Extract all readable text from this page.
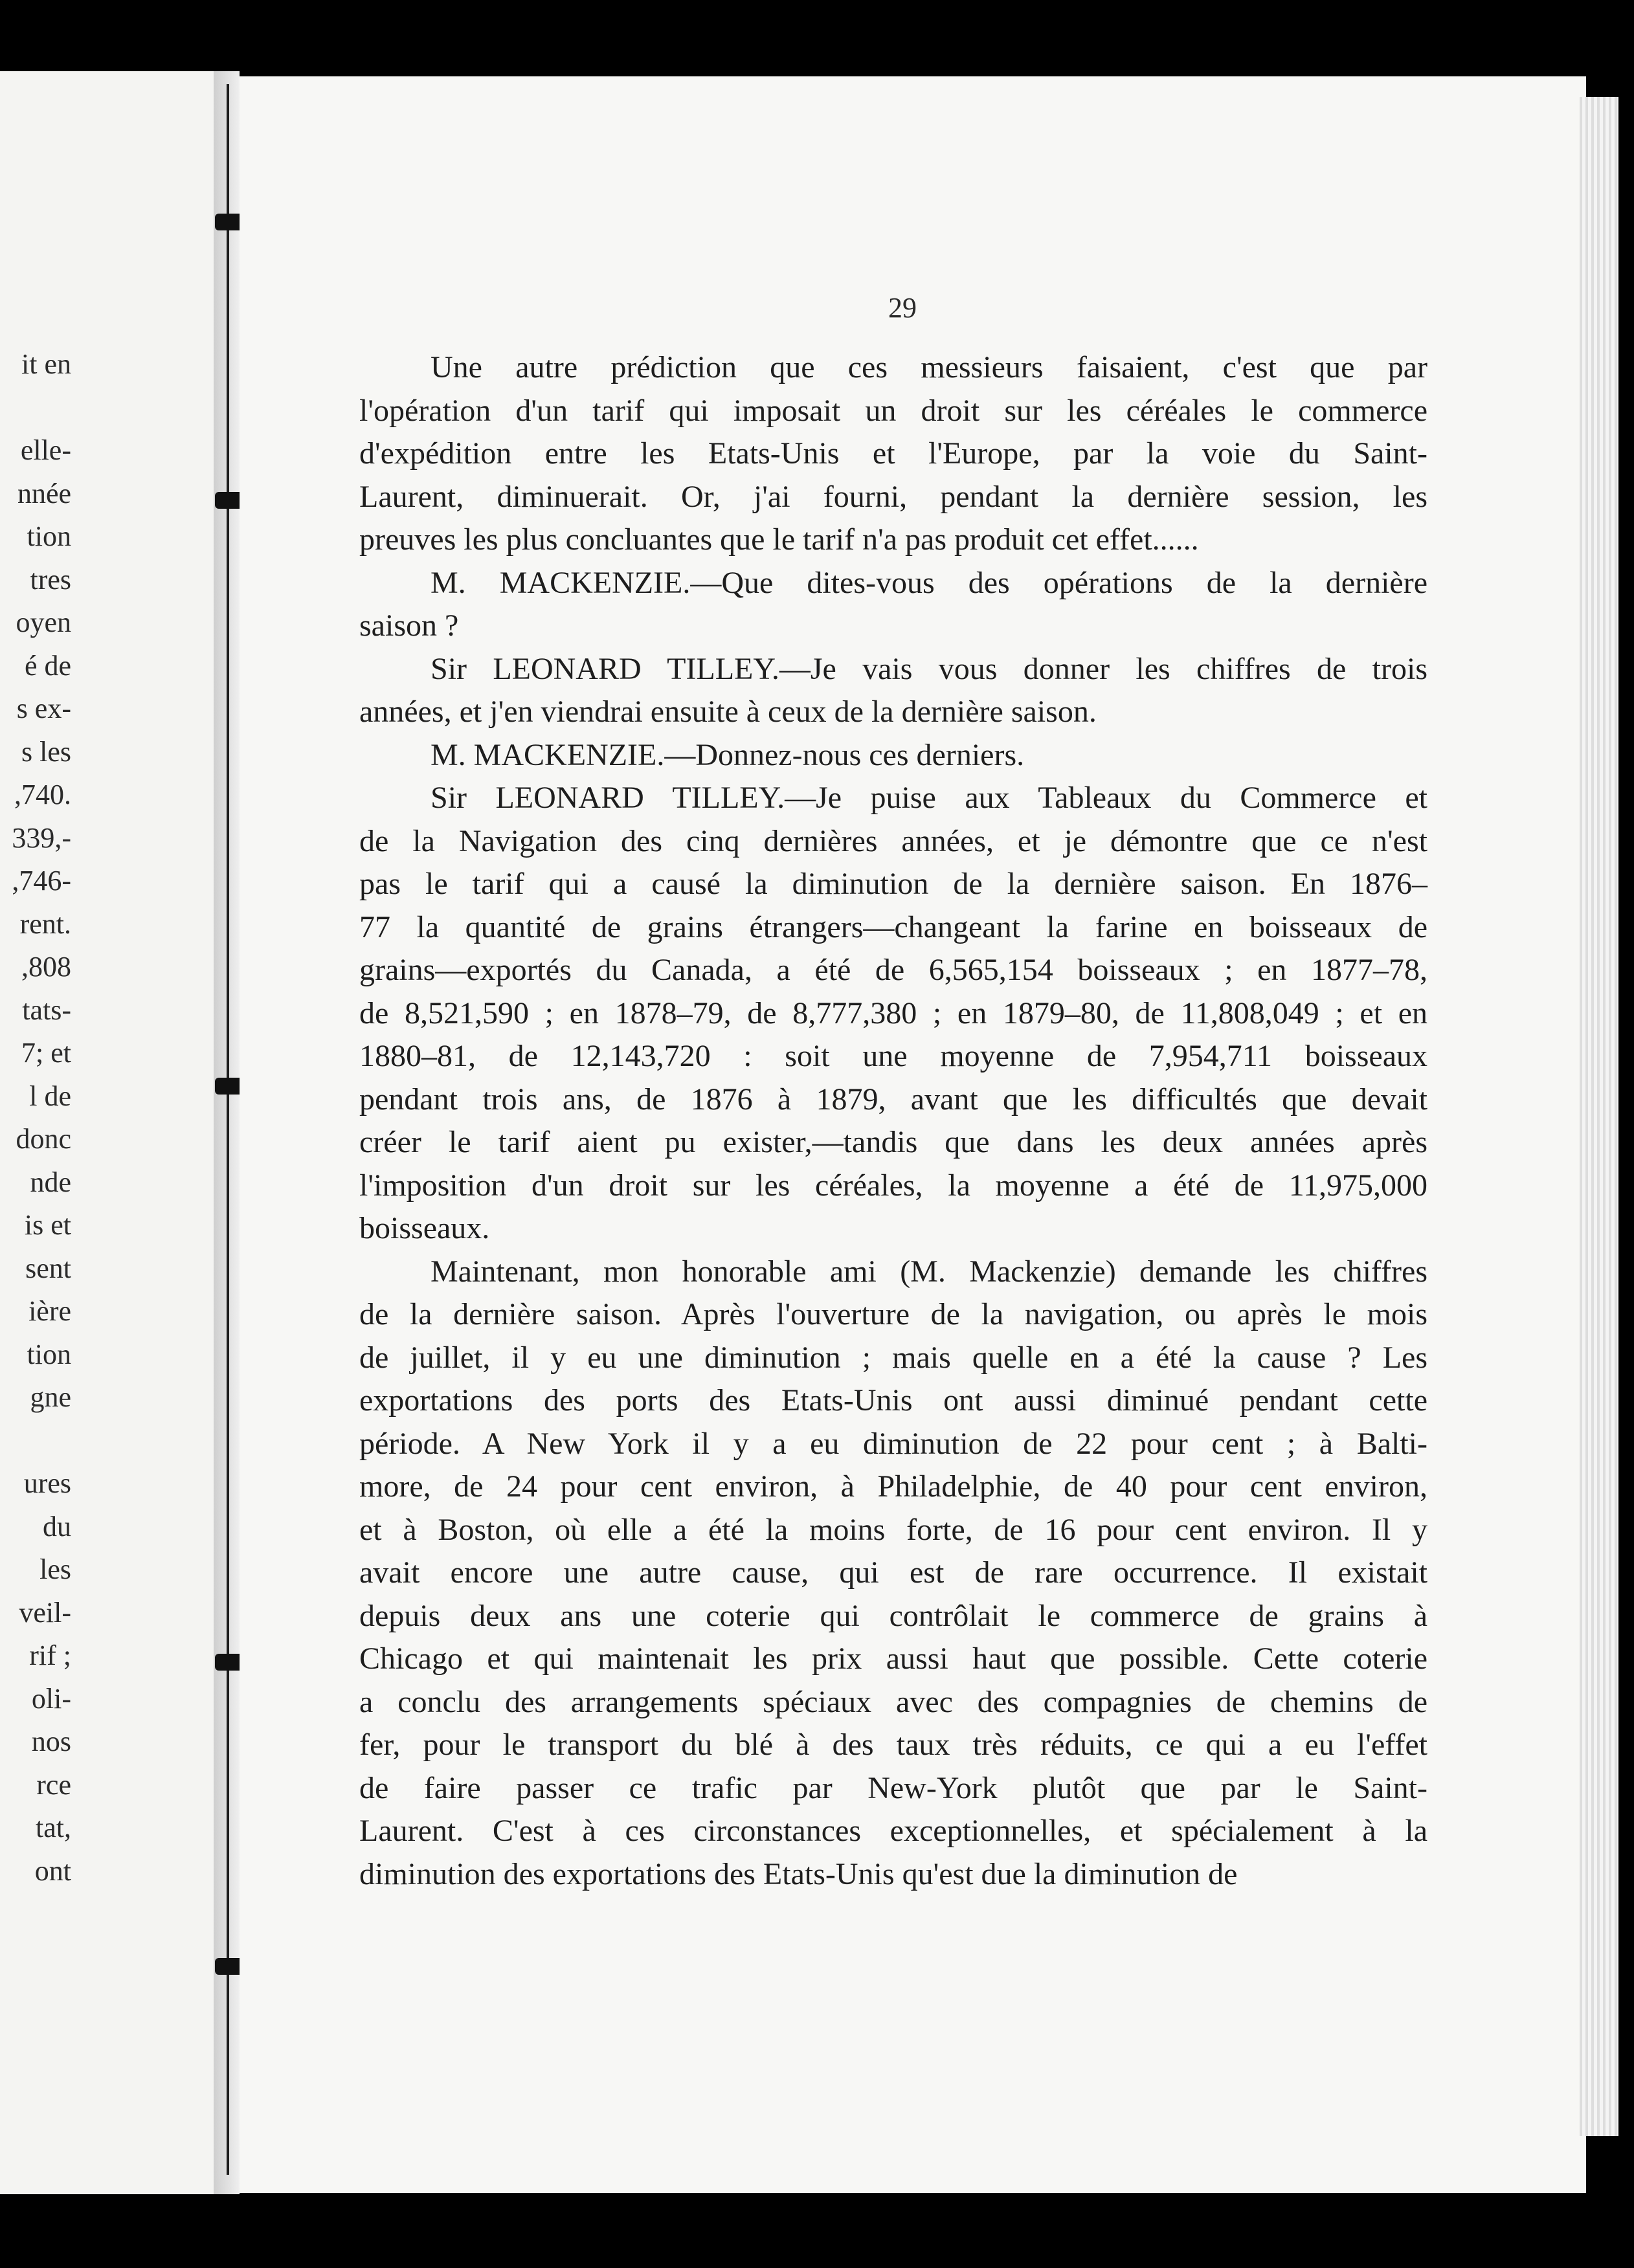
it en
elle-
nnée
tion
tres
oyen
é de
s ex-
s les
,740.
339,-
,746-
rent.
,808
tats-
7; et
l de
donc
nde
is et
sent
ière
tion
gne
ures
du
les
veil-
rif ;
oli-
nos
rce
tat,
ont
29
Une autre prédiction que ces messieurs faisaient, c'est que par
l'opération d'un tarif qui imposait un droit sur les céréales le commerce
d'expédition entre les Etats-Unis et l'Europe, par la voie du Saint-
Laurent, diminuerait. Or, j'ai fourni, pendant la dernière session, les
preuves les plus concluantes que le tarif n'a pas produit cet effet......
M. MACKENZIE.—Que dites-vous des opérations de la dernière
saison ?
Sir LEONARD TILLEY.—Je vais vous donner les chiffres de trois
années, et j'en viendrai ensuite à ceux de la dernière saison.
M. MACKENZIE.—Donnez-nous ces derniers.
Sir LEONARD TILLEY.—Je puise aux Tableaux du Commerce et
de la Navigation des cinq dernières années, et je démontre que ce n'est
pas le tarif qui a causé la diminution de la dernière saison. En 1876–
77 la quantité de grains étrangers—changeant la farine en boisseaux de
grains—exportés du Canada, a été de 6,565,154 boisseaux ; en 1877–78,
de 8,521,590 ; en 1878–79, de 8,777,380 ; en 1879–80, de 11,808,049 ; et en
1880–81, de 12,143,720 : soit une moyenne de 7,954,711 boisseaux
pendant trois ans, de 1876 à 1879, avant que les difficultés que devait
créer le tarif aient pu exister,—tandis que dans les deux années après
l'imposition d'un droit sur les céréales, la moyenne a été de 11,975,000
boisseaux.
Maintenant, mon honorable ami (M. Mackenzie) demande les chiffres
de la dernière saison. Après l'ouverture de la navigation, ou après le mois
de juillet, il y eu une diminution ; mais quelle en a été la cause ? Les
exportations des ports des Etats-Unis ont aussi diminué pendant cette
période. A New York il y a eu diminution de 22 pour cent ; à Balti-
more, de 24 pour cent environ, à Philadelphie, de 40 pour cent environ,
et à Boston, où elle a été la moins forte, de 16 pour cent environ. Il y
avait encore une autre cause, qui est de rare occurrence. Il existait
depuis deux ans une coterie qui contrôlait le commerce de grains à
Chicago et qui maintenait les prix aussi haut que possible. Cette coterie
a conclu des arrangements spéciaux avec des compagnies de chemins de
fer, pour le transport du blé à des taux très réduits, ce qui a eu l'effet
de faire passer ce trafic par New-York plutôt que par le Saint-
Laurent. C'est à ces circonstances exceptionnelles, et spécialement à la
diminution des exportations des Etats-Unis qu'est due la diminution de
